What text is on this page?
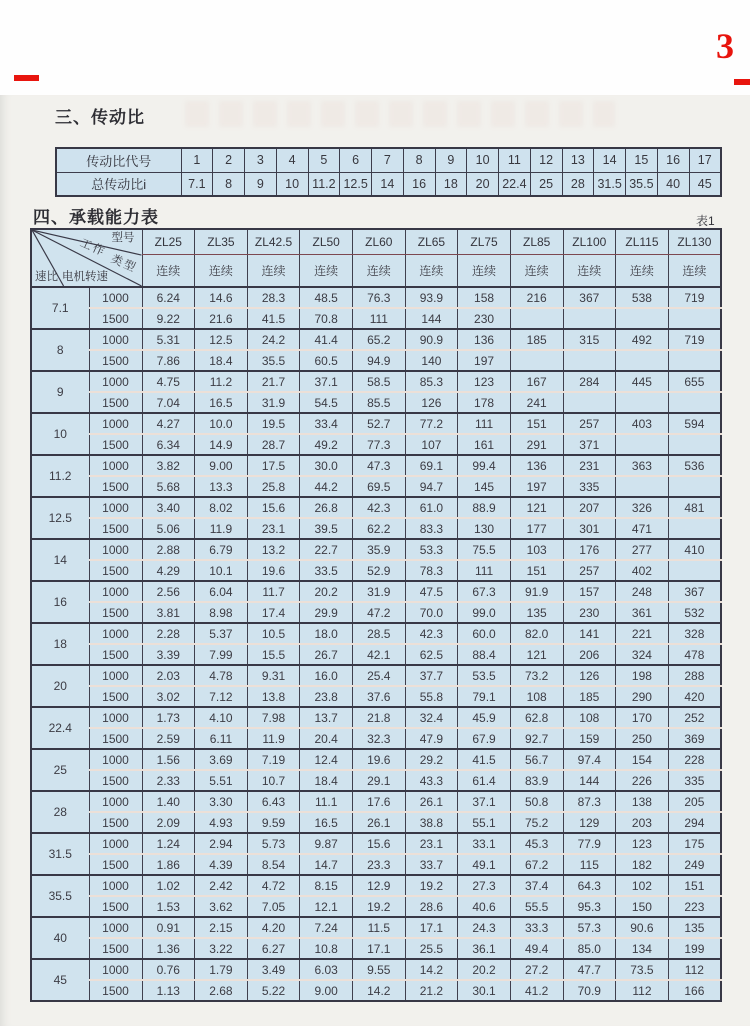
3
三、传动比
传动比代号	1	2	3	4	5	6	7	8	9	10	11	12	13	14	15	16	17
总传动比i	7.1	8	9	10	11.2	12.5	14	16	18	20	22.4	25	28	31.5	35.5	40	45
四、承载能力表	表1
型号
工作
类型
电机转速
速比		ZL25	ZL35	ZL42.5	ZL50	ZL60	ZL65	ZL75	ZL85	ZL100	ZL115	ZL130
		连续	连续	连续	连续	连续	连续	连续	连续	连续	连续	连续
7.1	1000	6.24	14.6	28.3	48.5	76.3	93.9	158	216	367	538	719
	1500	9.22	21.6	41.5	70.8	111	144	230				
8	1000	5.31	12.5	24.2	41.4	65.2	90.9	136	185	315	492	719
	1500	7.86	18.4	35.5	60.5	94.9	140	197				
9	1000	4.75	11.2	21.7	37.1	58.5	85.3	123	167	284	445	655
	1500	7.04	16.5	31.9	54.5	85.5	126	178	241			
10	1000	4.27	10.0	19.5	33.4	52.7	77.2	111	151	257	403	594
	1500	6.34	14.9	28.7	49.2	77.3	107	161	291	371		
11.2	1000	3.82	9.00	17.5	30.0	47.3	69.1	99.4	136	231	363	536
	1500	5.68	13.3	25.8	44.2	69.5	94.7	145	197	335		
12.5	1000	3.40	8.02	15.6	26.8	42.3	61.0	88.9	121	207	326	481
	1500	5.06	11.9	23.1	39.5	62.2	83.3	130	177	301	471	
14	1000	2.88	6.79	13.2	22.7	35.9	53.3	75.5	103	176	277	410
	1500	4.29	10.1	19.6	33.5	52.9	78.3	111	151	257	402	
16	1000	2.56	6.04	11.7	20.2	31.9	47.5	67.3	91.9	157	248	367
	1500	3.81	8.98	17.4	29.9	47.2	70.0	99.0	135	230	361	532
18	1000	2.28	5.37	10.5	18.0	28.5	42.3	60.0	82.0	141	221	328
	1500	3.39	7.99	15.5	26.7	42.1	62.5	88.4	121	206	324	478
20	1000	2.03	4.78	9.31	16.0	25.4	37.7	53.5	73.2	126	198	288
	1500	3.02	7.12	13.8	23.8	37.6	55.8	79.1	108	185	290	420
22.4	1000	1.73	4.10	7.98	13.7	21.8	32.4	45.9	62.8	108	170	252
	1500	2.59	6.11	11.9	20.4	32.3	47.9	67.9	92.7	159	250	369
25	1000	1.56	3.69	7.19	12.4	19.6	29.2	41.5	56.7	97.4	154	228
	1500	2.33	5.51	10.7	18.4	29.1	43.3	61.4	83.9	144	226	335
28	1000	1.40	3.30	6.43	11.1	17.6	26.1	37.1	50.8	87.3	138	205
	1500	2.09	4.93	9.59	16.5	26.1	38.8	55.1	75.2	129	203	294
31.5	1000	1.24	2.94	5.73	9.87	15.6	23.1	33.1	45.3	77.9	123	175
	1500	1.86	4.39	8.54	14.7	23.3	33.7	49.1	67.2	115	182	249
35.5	1000	1.02	2.42	4.72	8.15	12.9	19.2	27.3	37.4	64.3	102	151
	1500	1.53	3.62	7.05	12.1	19.2	28.6	40.6	55.5	95.3	150	223
40	1000	0.91	2.15	4.20	7.24	11.5	17.1	24.3	33.3	57.3	90.6	135
	1500	1.36	3.22	6.27	10.8	17.1	25.5	36.1	49.4	85.0	134	199
45	1000	0.76	1.79	3.49	6.03	9.55	14.2	20.2	27.2	47.7	73.5	112
	1500	1.13	2.68	5.22	9.00	14.2	21.2	30.1	41.2	70.9	112	166
